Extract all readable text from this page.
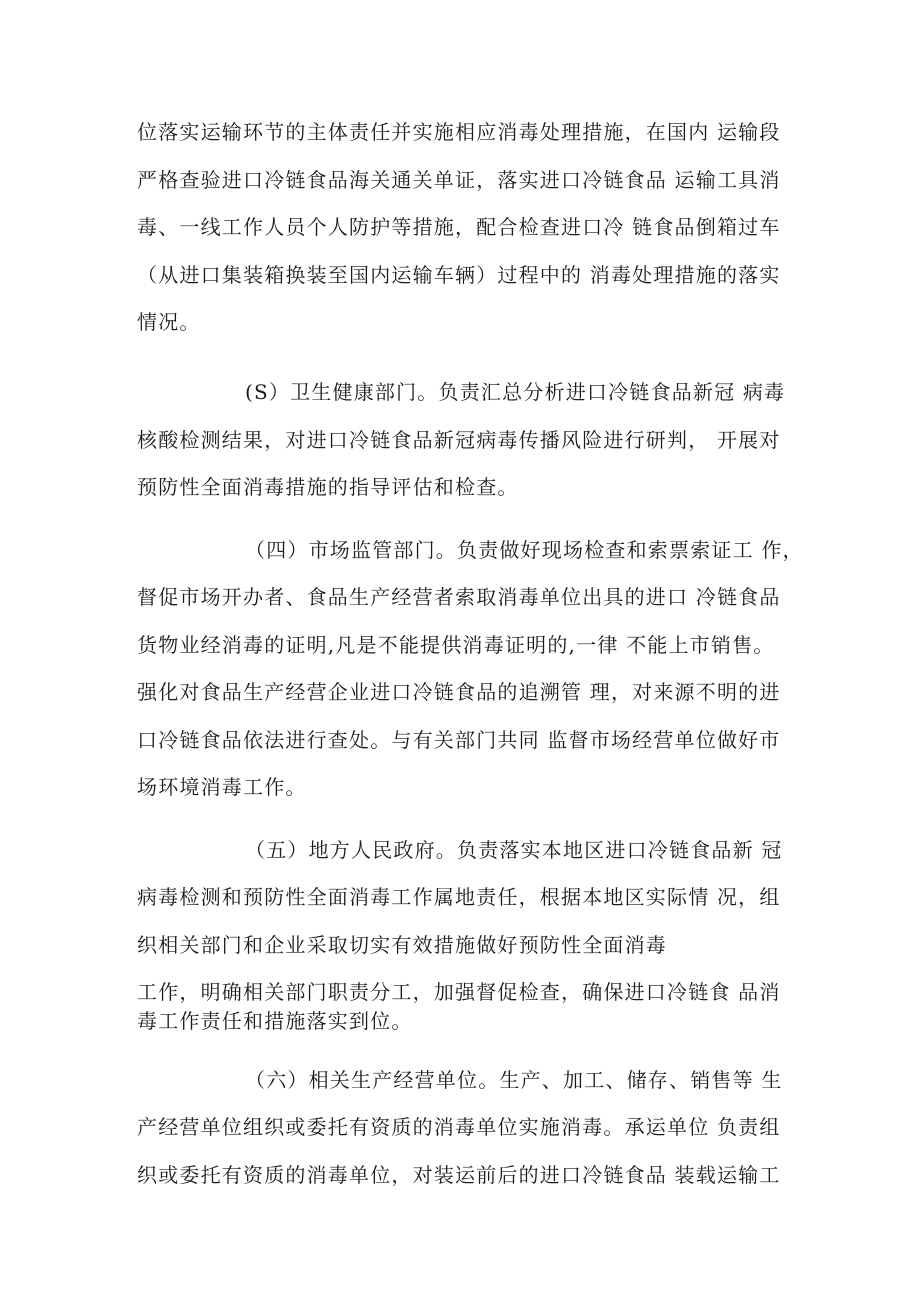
位落实运输环节的主体责任并实施相应消毒处理措施，在国内 运输段
严格查验进口冷链食品海关通关单证，落实进口冷链食品 运输工具消
毒、一线工作人员个人防护等措施，配合检查进口冷 链食品倒箱过车
（从进口集装箱换装至国内运输车辆）过程中的 消毒处理措施的落实
情况。
(S）卫生健康部门。负责汇总分析进口冷链食品新冠 病毒
核酸检测结果，对进口冷链食品新冠病毒传播风险进行研判， 开展对
预防性全面消毒措施的指导评估和检查。
（四）市场监管部门。负责做好现场检查和索票索证工 作，
督促市场开办者、食品生产经营者索取消毒单位出具的进口 冷链食品
货物业经消毒的证明,凡是不能提供消毒证明的,一律 不能上市销售。
强化对食品生产经营企业进口冷链食品的追溯管 理，对来源不明的进
口冷链食品依法进行查处。与有关部门共同 监督市场经营单位做好市
场环境消毒工作。
（五）地方人民政府。负责落实本地区进口冷链食品新 冠
病毒检测和预防性全面消毒工作属地责任，根据本地区实际情 况，组
织相关部门和企业采取切实有效措施做好预防性全面消毒
工作，明确相关部门职责分工，加强督促检查，确保进口冷链食 品消
毒工作责任和措施落实到位。
（六）相关生产经营单位。生产、加工、储存、销售等 生
产经营单位组织或委托有资质的消毒单位实施消毒。承运单位 负责组
织或委托有资质的消毒单位，对装运前后的进口冷链食品 装载运输工
